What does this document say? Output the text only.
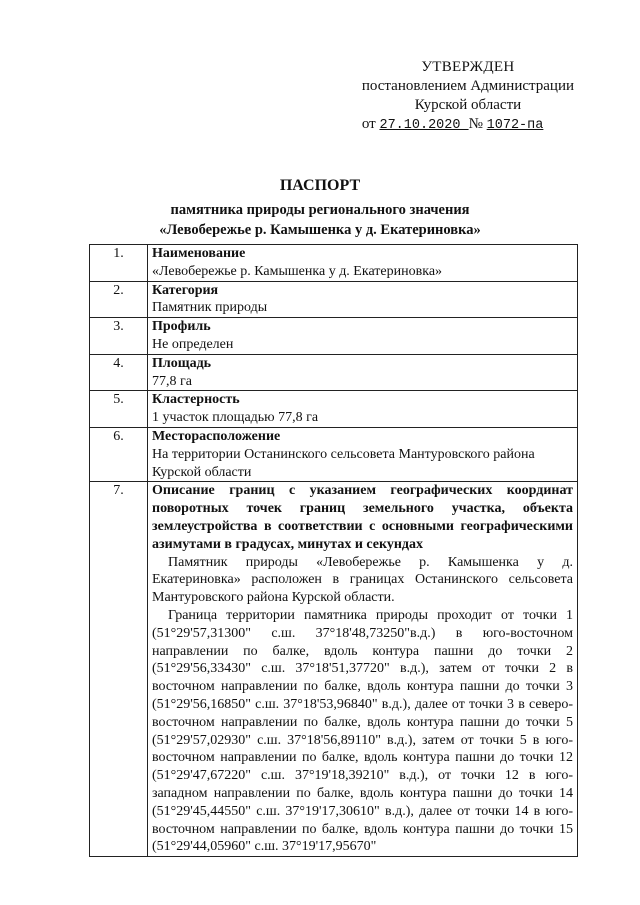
УТВЕРЖДЕН
постановлением Администрации
Курской области
от 27.10.2020 № 1072-па
ПАСПОРТ
памятника природы регионального значения
«Левобережье р. Камышенка у д. Екатериновка»
1.	Наименование
«Левобережье р. Камышенка у д. Екатериновка»

2.	Категория
Памятник природы

3.	Профиль
Не определен

4.	Площадь
77,8 га

5.	Кластерность
1 участок площадью 77,8 га

6.	Месторасположение
На территории Останинского сельсовета Мантуровского района Курской области

7.	Описание границ с указанием географических координат поворотных точек границ земельного участка, объекта землеустройства в соответствии с основными географическими азимутами в градусах, минутах и секундах
Памятник природы «Левобережье р. Камышенка у д. Екатериновка» расположен в границах Останинского сельсовета Мантуровского района Курской области.
Граница территории памятника природы проходит от точки 1 (51°29'57,31300" с.ш. 37°18'48,73250"в.д.) в юго-восточном направлении по балке, вдоль контура пашни до точки 2 (51°29'56,33430" с.ш. 37°18'51,37720" в.д.), затем от точки 2 в восточном направлении по балке, вдоль контура пашни до точки 3 (51°29'56,16850" с.ш. 37°18'53,96840" в.д.), далее от точки 3 в северо-восточном направлении по балке, вдоль контура пашни до точки 5 (51°29'57,02930" с.ш. 37°18'56,89110" в.д.), затем от точки 5 в юго-восточном направлении по балке, вдоль контура пашни до точки 12 (51°29'47,67220" с.ш. 37°19'18,39210" в.д.), от точки 12 в юго-западном направлении по балке, вдоль контура пашни до точки 14 (51°29'45,44550" с.ш. 37°19'17,30610" в.д.), далее от точки 14 в юго-восточном направлении по балке, вдоль контура пашни до точки 15 (51°29'44,05960" с.ш. 37°19'17,95670"
